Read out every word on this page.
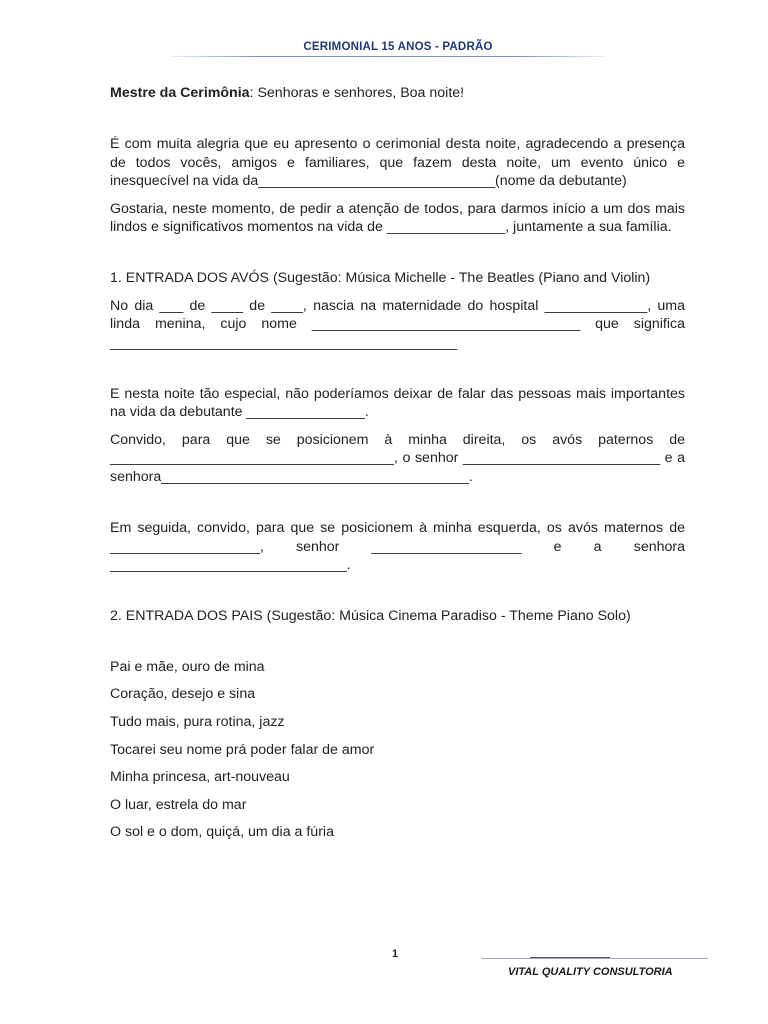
CERIMONIAL 15 ANOS - PADRÃO

Mestre da Cerimônia: Senhoras e senhores, Boa noite!

É com muita alegria que eu apresento o cerimonial desta noite, agradecendo a presença de todos vocês, amigos e familiares, que fazem desta noite, um evento único e inesquecível na vida da______________________________(nome da debutante)

Gostaria, neste momento, de pedir a atenção de todos, para darmos início a um dos mais lindos e significativos momentos na vida de _______________, juntamente a sua família.

1. ENTRADA DOS AVÓS (Sugestão: Música Michelle - The Beatles (Piano and Violin)

No dia ___ de ____ de ____, nascia na maternidade do hospital _____________, uma linda menina, cujo nome __________________________________ que significa ____________________________________________

E nesta noite tão especial, não poderíamos deixar de falar das pessoas mais importantes na vida da debutante _______________.

Convido, para que se posicionem à minha direita, os avós paternos de ____________________________________, o senhor _________________________ e a senhora_______________________________________.

Em seguida, convido, para que se posicionem à minha esquerda, os avós maternos de ___________________, senhor ___________________ e a senhora ______________________________.

2. ENTRADA DOS PAIS (Sugestão: Música Cinema Paradiso - Theme Piano Solo)

Pai e mãe, ouro de mina

Coração, desejo e sina

Tudo mais, pura rotina, jazz

Tocarei seu nome prá poder falar de amor

Minha princesa, art-nouveau

O luar, estrela do mar

O sol e o dom, quiçá, um dia a fúria

1
VITAL QUALITY CONSULTORIA
